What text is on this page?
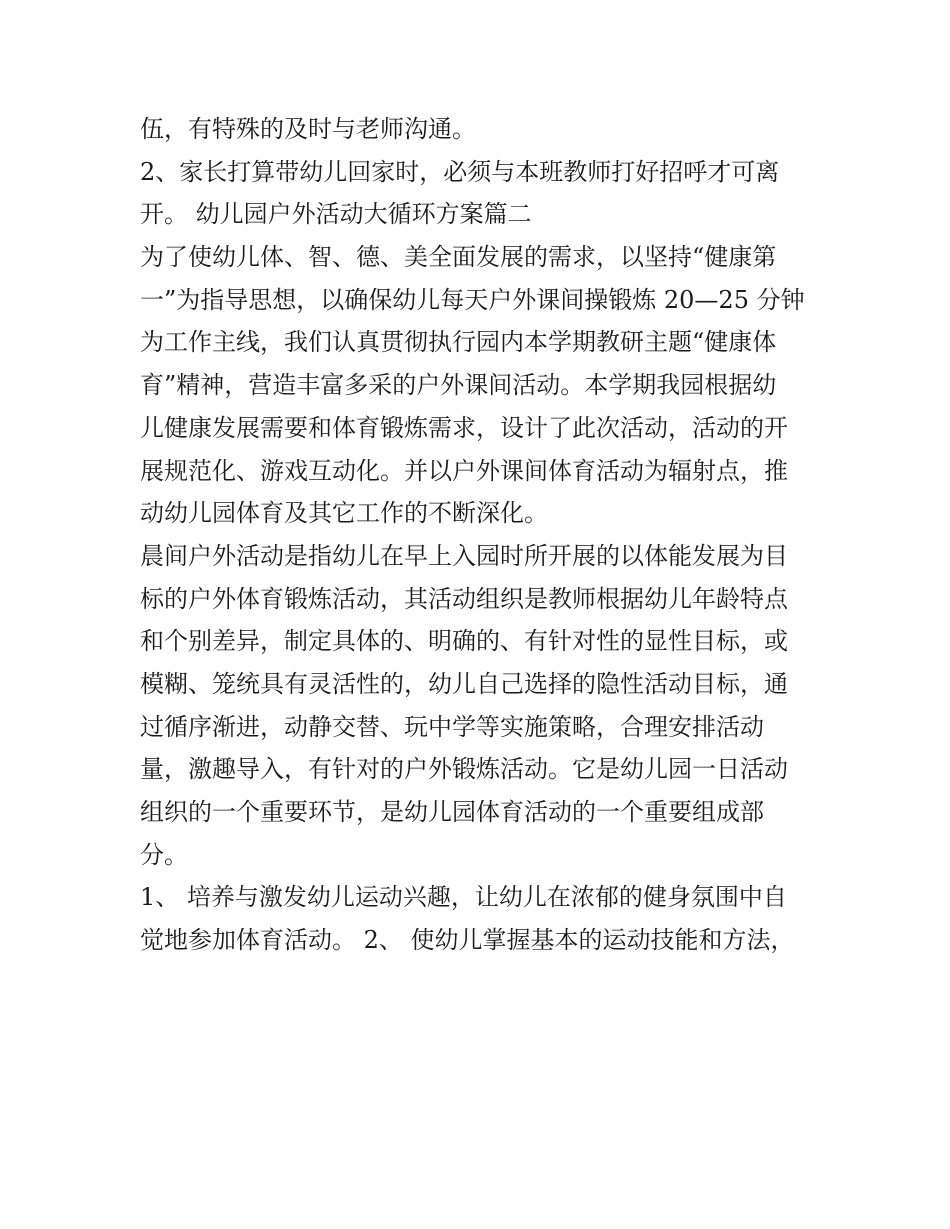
伍，有特殊的及时与老师沟通。
2、家长打算带幼儿回家时，必须与本班教师打好招呼才可离
开。 幼儿园户外活动大循环方案篇二
为了使幼儿体、智、德、美全面发展的需求，以坚持“健康第
一”为指导思想，以确保幼儿每天户外课间操锻炼 20—25 分钟
为工作主线，我们认真贯彻执行园内本学期教研主题“健康体
育”精神，营造丰富多采的户外课间活动。本学期我园根据幼
儿健康发展需要和体育锻炼需求，设计了此次活动，活动的开
展规范化、游戏互动化。并以户外课间体育活动为辐射点，推
动幼儿园体育及其它工作的不断深化。
晨间户外活动是指幼儿在早上入园时所开展的以体能发展为目
标的户外体育锻炼活动，其活动组织是教师根据幼儿年龄特点
和个别差异，制定具体的、明确的、有针对性的显性目标，或
模糊、笼统具有灵活性的，幼儿自己选择的隐性活动目标，通
过循序渐进，动静交替、玩中学等实施策略，合理安排活动
量，激趣导入，有针对的户外锻炼活动。它是幼儿园一日活动
组织的一个重要环节，是幼儿园体育活动的一个重要组成部
分。
1、 培养与激发幼儿运动兴趣，让幼儿在浓郁的健身氛围中自
觉地参加体育活动。 2、 使幼儿掌握基本的运动技能和方法，
